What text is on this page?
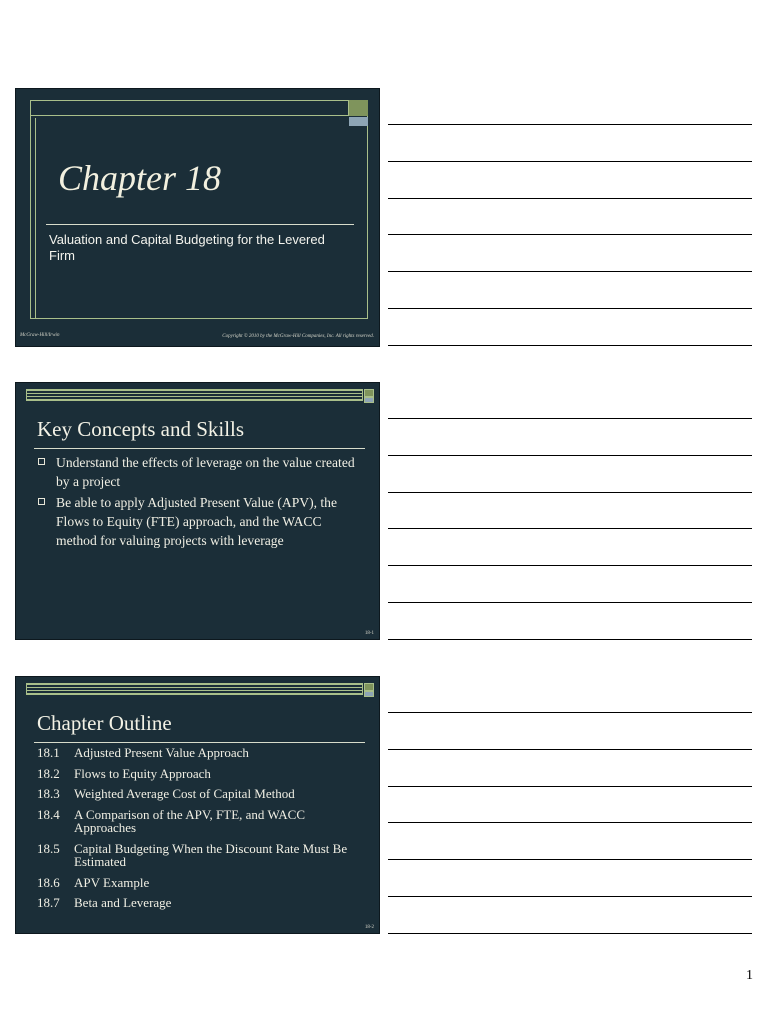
Chapter 18
Valuation and Capital Budgeting for the Levered Firm
McGraw-Hill/Irwin	Copyright © 2010 by the McGraw-Hill Companies, Inc. All rights reserved.
Key Concepts and Skills
Understand the effects of leverage on the value created by a project
Be able to apply Adjusted Present Value (APV), the Flows to Equity (FTE) approach, and the WACC method for valuing projects with leverage
18-1
Chapter Outline
18.1 Adjusted Present Value Approach
18.2 Flows to Equity Approach
18.3 Weighted Average Cost of Capital Method
18.4 A Comparison of the APV, FTE, and WACC Approaches
18.5 Capital Budgeting When the Discount Rate Must Be Estimated
18.6 APV Example
18.7 Beta and Leverage
18-2
1
